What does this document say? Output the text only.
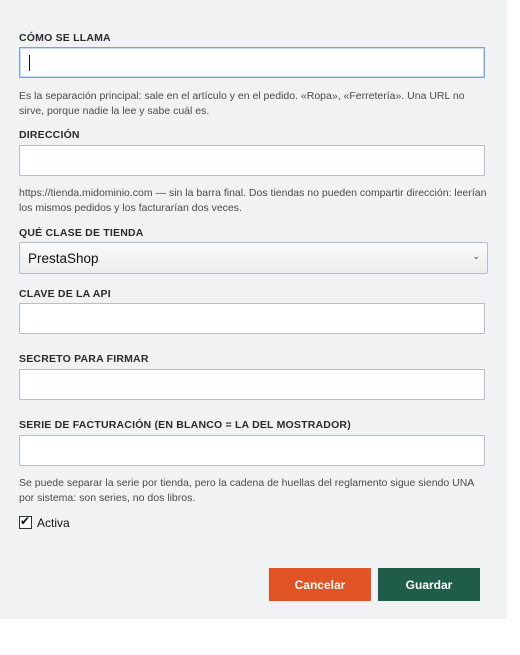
CÓMO SE LLAMA
Es la separación principal: sale en el artículo y en el pedido. «Ropa», «Ferretería». Una URL no sirve, porque nadie la lee y sabe cuál es.
DIRECCIÓN
https://tienda.midominio.com — sin la barra final. Dos tiendas no pueden compartir dirección: leerían los mismos pedidos y los facturarían dos veces.
QUÉ CLASE DE TIENDA
PrestaShop	⌄
CLAVE DE LA API
SECRETO PARA FIRMAR
SERIE DE FACTURACIÓN (EN BLANCO = LA DEL MOSTRADOR)
Se puede separar la serie por tienda, pero la cadena de huellas del reglamento sigue siendo UNA por sistema: son series, no dos libros.
✔ Activa
Cancelar	Guardar
